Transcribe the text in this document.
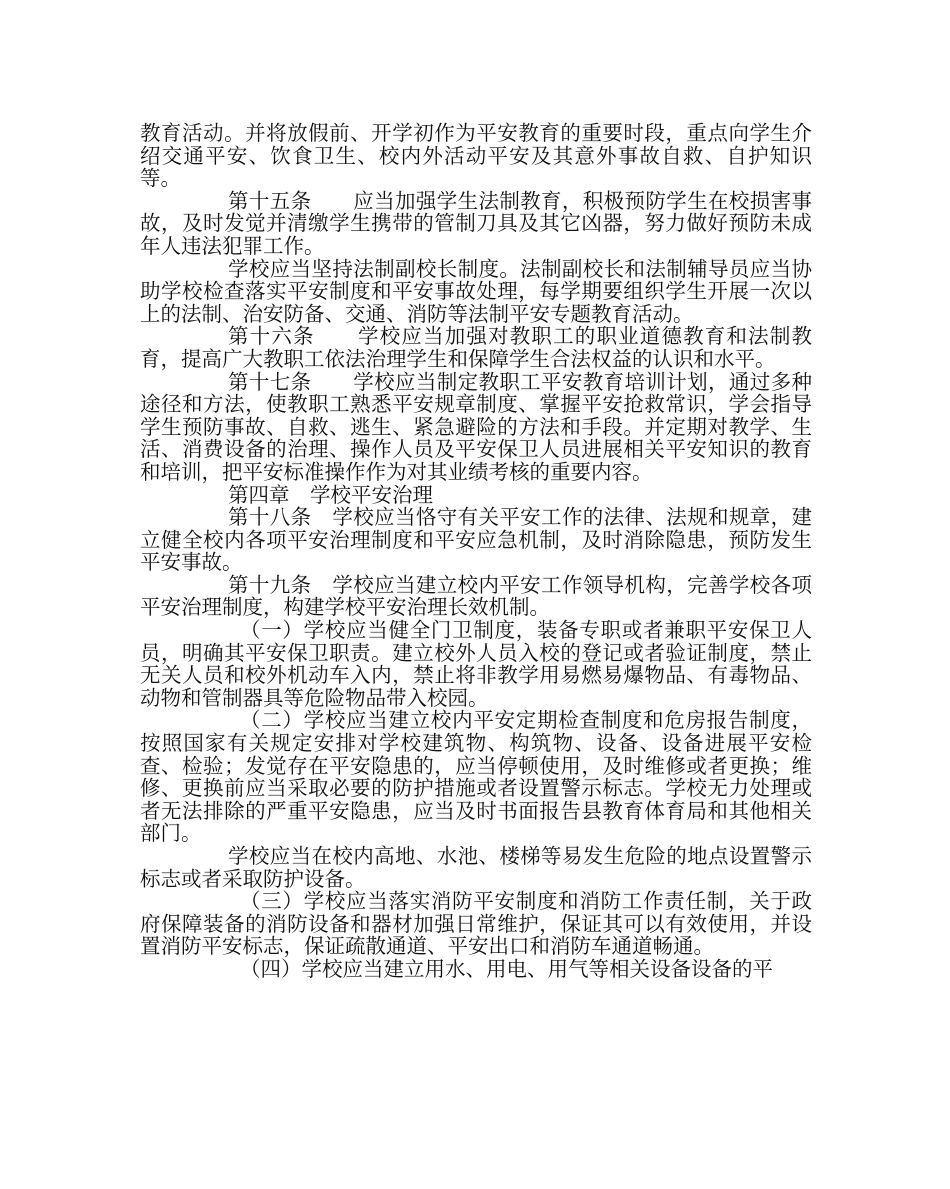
教育活动。并将放假前、开学初作为平安教育的重要时段，重点向学生介绍交通平安、饮食卫生、校内外活动平安及其意外事故自救、自护知识等。

第十五条　　应当加强学生法制教育，积极预防学生在校损害事故，及时发觉并清缴学生携带的管制刀具及其它凶器，努力做好预防未成年人违法犯罪工作。

学校应当坚持法制副校长制度。法制副校长和法制辅导员应当协助学校检查落实平安制度和平安事故处理，每学期要组织学生开展一次以上的法制、治安防备、交通、消防等法制平安专题教育活动。

第十六条　　学校应当加强对教职工的职业道德教育和法制教育，提高广大教职工依法治理学生和保障学生合法权益的认识和水平。

第十七条　　学校应当制定教职工平安教育培训计划，通过多种途径和方法，使教职工熟悉平安规章制度、掌握平安抢救常识，学会指导学生预防事故、自救、逃生、紧急避险的方法和手段。并定期对教学、生活、消费设备的治理、操作人员及平安保卫人员进展相关平安知识的教育和培训，把平安标准操作作为对其业绩考核的重要内容。

第四章　学校平安治理

第十八条　学校应当恪守有关平安工作的法律、法规和规章，建立健全校内各项平安治理制度和平安应急机制，及时消除隐患，预防发生平安事故。

第十九条　学校应当建立校内平安工作领导机构，完善学校各项平安治理制度，构建学校平安治理长效机制。

（一）学校应当健全门卫制度，装备专职或者兼职平安保卫人员，明确其平安保卫职责。建立校外人员入校的登记或者验证制度，禁止无关人员和校外机动车入内，禁止将非教学用易燃易爆物品、有毒物品、动物和管制器具等危险物品带入校园。

（二）学校应当建立校内平安定期检查制度和危房报告制度，按照国家有关规定安排对学校建筑物、构筑物、设备、设备进展平安检查、检验；发觉存在平安隐患的，应当停顿使用，及时维修或者更换；维修、更换前应当采取必要的防护措施或者设置警示标志。学校无力处理或者无法排除的严重平安隐患，应当及时书面报告县教育体育局和其他相关部门。

学校应当在校内高地、水池、楼梯等易发生危险的地点设置警示标志或者采取防护设备。

（三）学校应当落实消防平安制度和消防工作责任制，关于政府保障装备的消防设备和器材加强日常维护，保证其可以有效使用，并设置消防平安标志，保证疏散通道、平安出口和消防车通道畅通。

（四）学校应当建立用水、用电、用气等相关设备设备的平
